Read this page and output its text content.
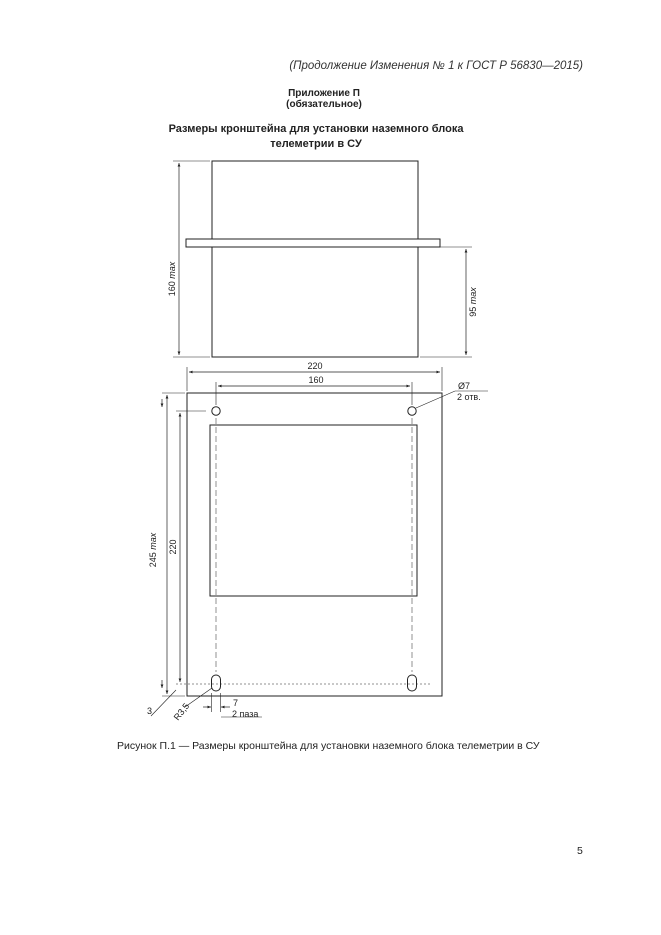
(Продолжение Изменения № 1 к ГОСТ Р 56830—2015)
Приложение П
(обязательное)
Размеры кронштейна для установки наземного блока
телеметрии в СУ
160 max
95 max
220
160
Ø7
2 отв.
245 max 220
3 R3,5	7
2 паза
Рисунок П.1 — Размеры кронштейна для установки наземного блока телеметрии в СУ
5
